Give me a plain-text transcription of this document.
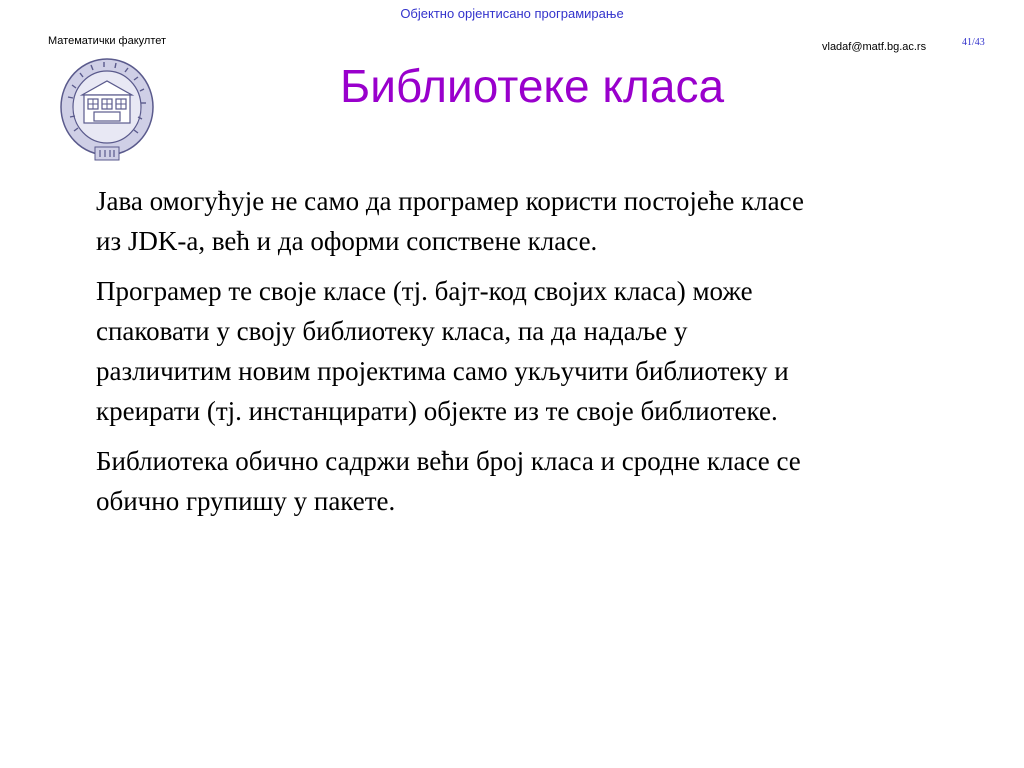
Објектно орјентисано програмирање
Математички факултет	vladaf@matf.bg.ac.rs	41/43
Библиотеке класа

Јава омогућује не само да програмер користи постојеће класе
из JDK-а, већ и да оформи сопствене класе.

Програмер те своје класе (тј. бајт-код својих класа) може
спаковати у своју библиотеку класа, па да надаље у
различитим новим пројектима само укључити библиотеку и
креирати (тј. инстанцирати) објекте из те своје библиотеке.

Библиотека обично садржи већи број класа и сродне класе се
обично групишу у пакете.
